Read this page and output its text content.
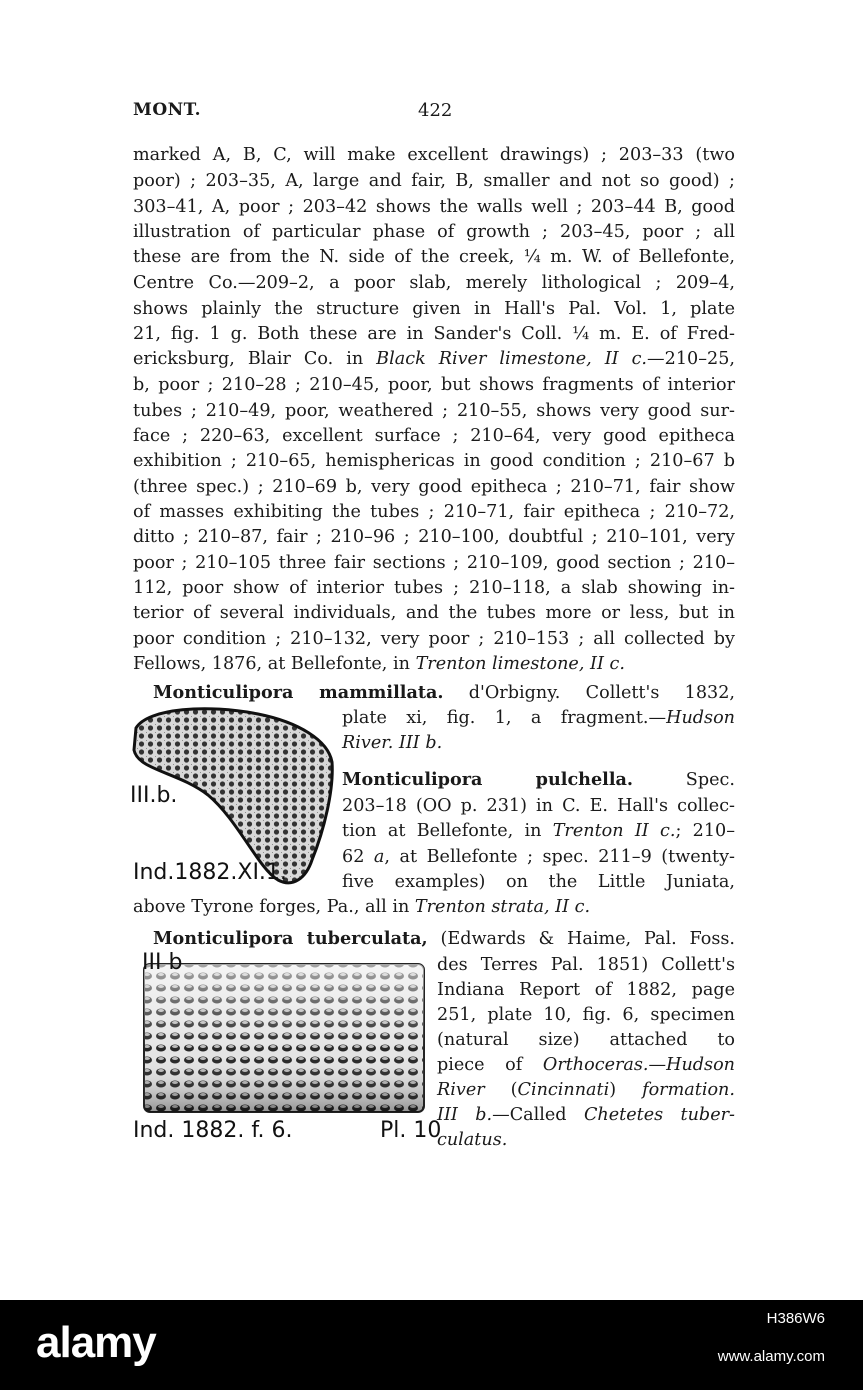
MONT.	422
marked A, B, C, will make excellent drawings) ; 203–33 (two
poor) ; 203–35, A, large and fair, B, smaller and not so good) ;
303–41, A, poor ; 203–42 shows the walls well ; 203–44 B, good
illustration of particular phase of growth ; 203–45, poor ; all
these are from the N. side of the creek, ¼ m. W. of Bellefonte,
Centre Co.—209–2, a poor slab, merely lithological ; 209–4,
shows plainly the structure given in Hall's Pal. Vol. 1, plate
21, fig. 1 g. Both these are in Sander's Coll. ¼ m. E. of Fred-
ericksburg, Blair Co. in Black River limestone, II c.—210–25,
b, poor ; 210–28 ; 210–45, poor, but shows fragments of interior
tubes ; 210–49, poor, weathered ; 210–55, shows very good sur-
face ; 220–63, excellent surface ; 210–64, very good epitheca
exhibition ; 210–65, hemisphericas in good condition ; 210–67 b
(three spec.) ; 210–69 b, very good epitheca ; 210–71, fair show
of masses exhibiting the tubes ; 210–71, fair epitheca ; 210–72,
ditto ; 210–87, fair ; 210–96 ; 210–100, doubtful ; 210–101, very
poor ; 210–105 three fair sections ; 210–109, good section ; 210–
112, poor show of interior tubes ; 210–118, a slab showing in-
terior of several individuals, and the tubes more or less, but in
poor condition ; 210–132, very poor ; 210–153 ; all collected by
Fellows, 1876, at Bellefonte, in Trenton limestone, II c.
Monticulipora mammillata. d'Orbigny. Collett's 1832,
plate xi, fig. 1, a fragment.—Hudson
River. III b.
III.b.
Ind.1882.XI.1.
Monticulipora pulchella. Spec.
203–18 (OO p. 231) in C. E. Hall's collec-
tion at Bellefonte, in Trenton II c.; 210–
62 a, at Bellefonte ; spec. 211–9 (twenty-
five examples) on the Little Juniata,
above Tyrone forges, Pa., all in Trenton strata, II c.
Monticulipora tuberculata, (Edwards & Haime, Pal. Foss.
des Terres Pal. 1851) Collett's
Indiana Report of 1882, page
251, plate 10, fig. 6, specimen
(natural size) attached to
piece of Orthoceras.—Hudson
River (Cincinnati) formation.
III b.—Called Chetetes tuber-
culatus.
III b
Ind. 1882. f. 6.	Pl. 10
alamy	H386W6
www.alamy.com
